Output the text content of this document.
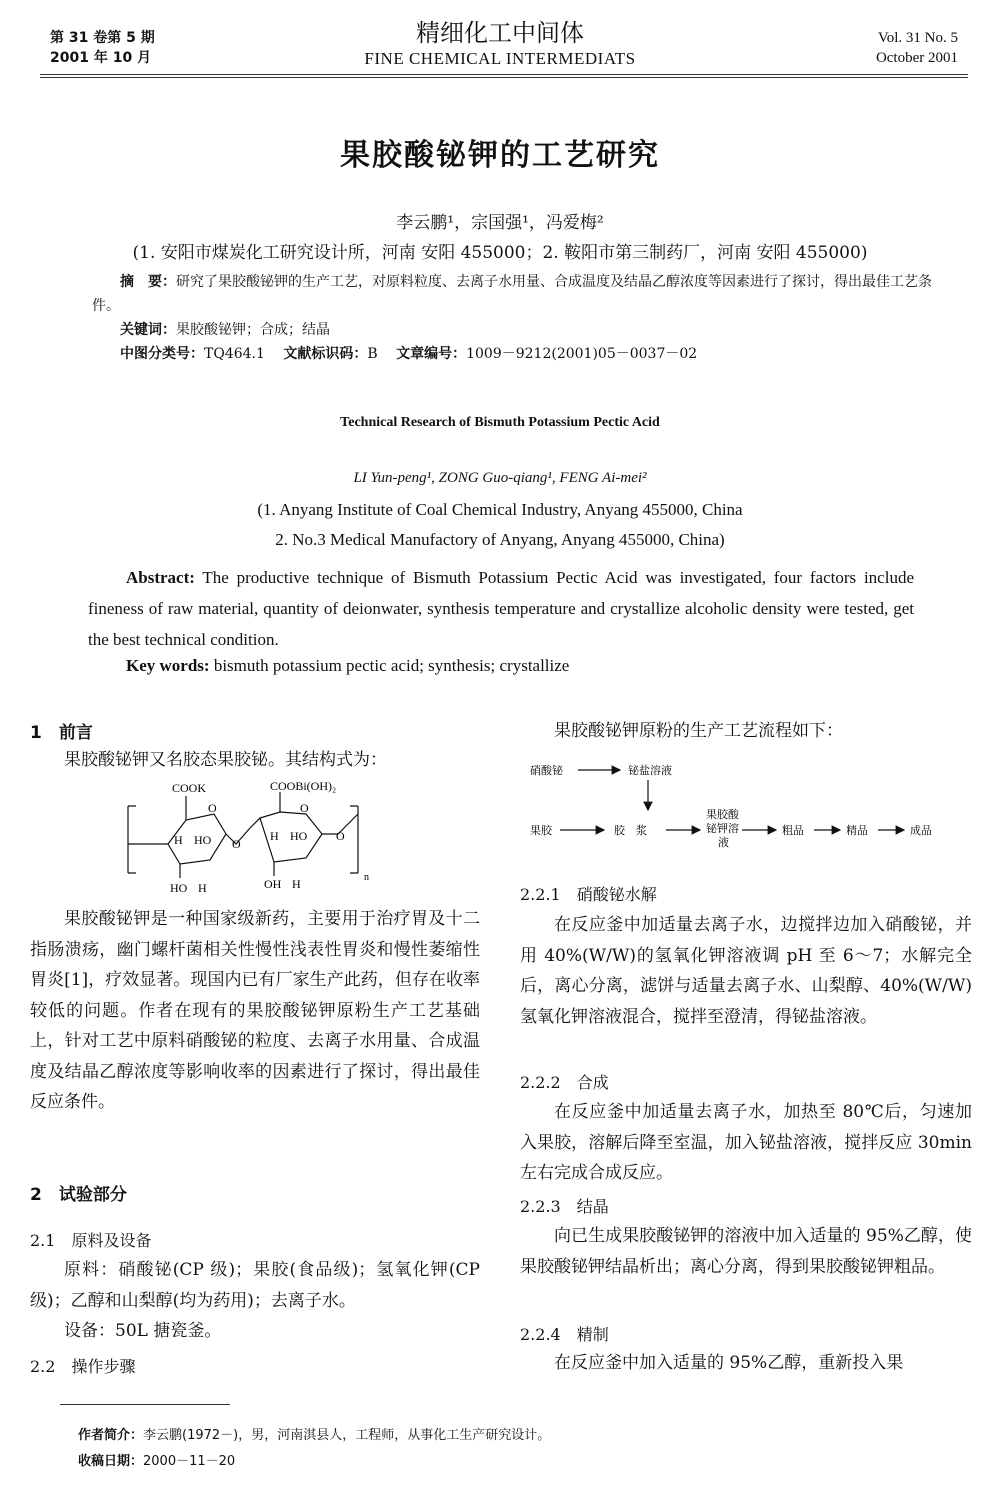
第 31 卷第 5 期
2001 年 10 月
精细化工中间体
FINE CHEMICAL INTERMEDIATS
Vol. 31 No. 5
October 2001
果胶酸铋钾的工艺研究
李云鹏¹，宗国强¹，冯爱梅²
(1. 安阳市煤炭化工研究设计所，河南 安阳 455000；2. 鞍阳市第三制药厂，河南 安阳 455000)
摘　要：研究了果胶酸铋钾的生产工艺，对原料粒度、去离子水用量、合成温度及结晶乙醇浓度等因素进行了探讨，得出最佳工艺条件。
关键词：果胶酸铋钾；合成；结晶
中图分类号：TQ464.1 文献标识码：B 文章编号：1009－9212(2001)05－0037－02
Technical Research of Bismuth Potassium Pectic Acid
LI Yun-peng¹, ZONG Guo-qiang¹, FENG Ai-mei²
(1. Anyang Institute of Coal Chemical Industry, Anyang 455000, China
2. No.3 Medical Manufactory of Anyang, Anyang 455000, China)
Abstract: The productive technique of Bismuth Potassium Pectic Acid was investigated, four factors include fineness of raw material, quantity of deionwater, synthesis temperature and crystallize alcoholic density were tested, get the best technical condition.
Key words: bismuth potassium pectic acid; synthesis; crystallize
1　前言

果胶酸铋钾又名胶态果胶铋。其结构式为：

COOK	COOBi(OH)₂
O	O
H HO	H HO
O
O
HO H	OH H	n

果胶酸铋钾是一种国家级新药，主要用于治疗胃及十二指肠溃疡，幽门螺杆菌相关性慢性浅表性胃炎和慢性萎缩性胃炎[1]，疗效显著。现国内已有厂家生产此药，但存在收率较低的问题。作者在现有的果胶酸铋钾原粉生产工艺基础上，针对工艺中原料硝酸铋的粒度、去离子水用量、合成温度及结晶乙醇浓度等影响收率的因素进行了探讨，得出最佳反应条件。

2　试验部分
2.1　原料及设备

原料：硝酸铋(CP 级)；果胶(食品级)；氢氧化钾(CP 级)；乙醇和山梨醇(均为药用)；去离子水。

设备：50L 搪瓷釜。

2.2　操作步骤

果胶酸铋钾原粉的生产工艺流程如下：

硝酸铋	铋盐溶液
果胶	胶　浆
果胶酸
铋钾溶
液
粗品	精品	成品
2.2.1　硝酸铋水解

在反应釜中加适量去离子水，边搅拌边加入硝酸铋，并用 40%(W/W)的氢氧化钾溶液调 pH 至 6～7；水解完全后，离心分离，滤饼与适量去离子水、山梨醇、40%(W/W)氢氧化钾溶液混合，搅拌至澄清，得铋盐溶液。

2.2.2　合成

在反应釜中加适量去离子水，加热至 80℃后，匀速加入果胶，溶解后降至室温，加入铋盐溶液，搅拌反应 30min 左右完成合成反应。

2.2.3　结晶

向已生成果胶酸铋钾的溶液中加入适量的 95%乙醇，使果胶酸铋钾结晶析出；离心分离，得到果胶酸铋钾粗品。

2.2.4　精制

在反应釜中加入适量的 95%乙醇，重新投入果

作者简介：李云鹏(1972－)，男，河南淇县人，工程师，从事化工生产研究设计。
收稿日期：2000－11－20
